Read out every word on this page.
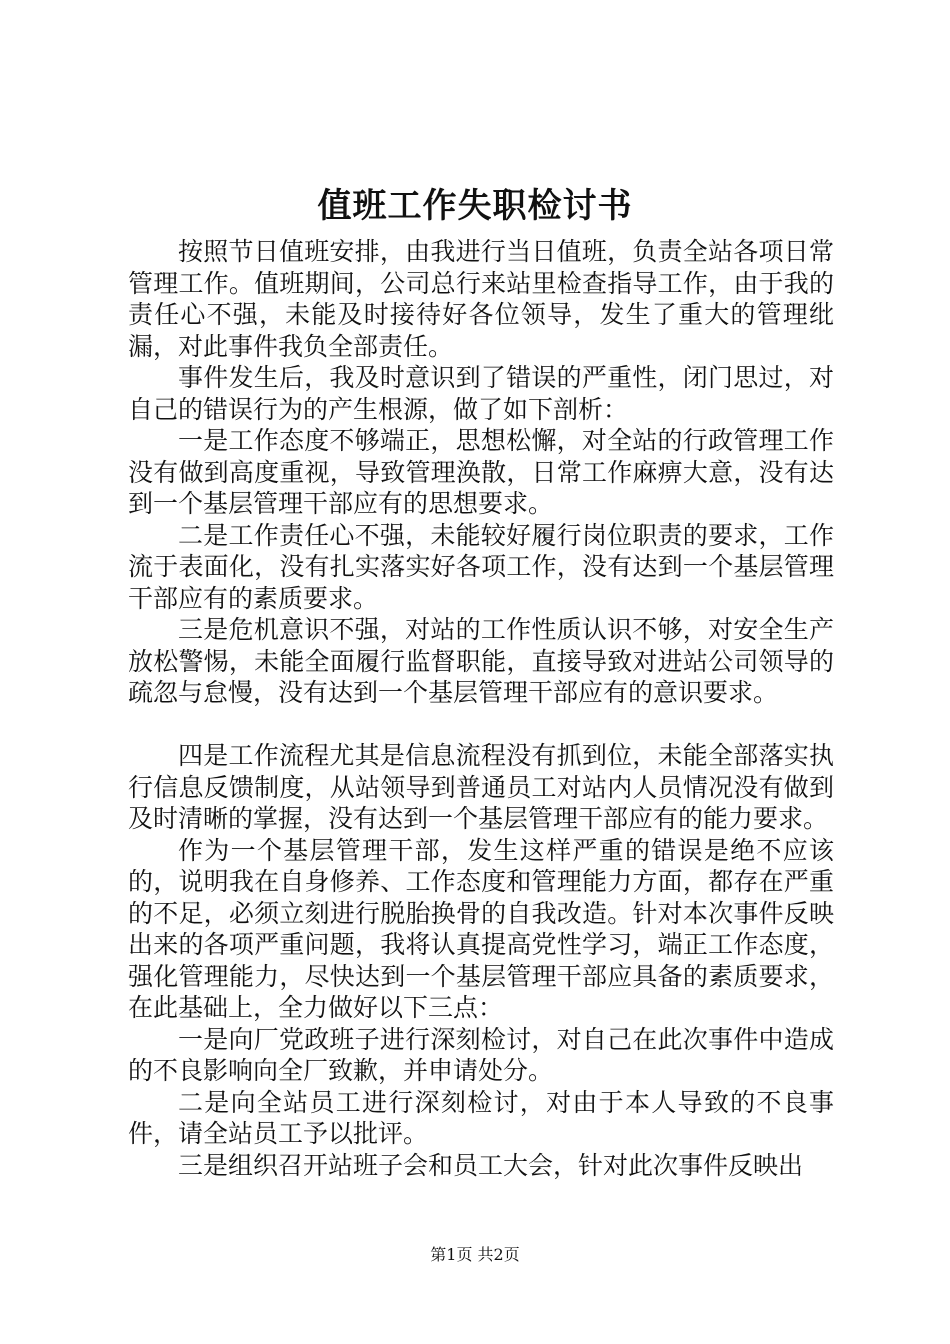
值班工作失职检讨书

按照节日值班安排，由我进行当日值班，负责全站各项日常管理工作。值班期间，公司总行来站里检查指导工作，由于我的责任心不强，未能及时接待好各位领导，发生了重大的管理纰漏，对此事件我负全部责任。

事件发生后，我及时意识到了错误的严重性，闭门思过，对自己的错误行为的产生根源，做了如下剖析：

一是工作态度不够端正，思想松懈，对全站的行政管理工作没有做到高度重视，导致管理涣散，日常工作麻痹大意，没有达到一个基层管理干部应有的思想要求。

二是工作责任心不强，未能较好履行岗位职责的要求，工作流于表面化，没有扎实落实好各项工作，没有达到一个基层管理干部应有的素质要求。

三是危机意识不强，对站的工作性质认识不够，对安全生产放松警惕，未能全面履行监督职能，直接导致对进站公司领导的疏忽与怠慢，没有达到一个基层管理干部应有的意识要求。

四是工作流程尤其是信息流程没有抓到位，未能全部落实执行信息反馈制度，从站领导到普通员工对站内人员情况没有做到及时清晰的掌握，没有达到一个基层管理干部应有的能力要求。

作为一个基层管理干部，发生这样严重的错误是绝不应该的，说明我在自身修养、工作态度和管理能力方面，都存在严重的不足，必须立刻进行脱胎换骨的自我改造。针对本次事件反映出来的各项严重问题，我将认真提高党性学习，端正工作态度，强化管理能力，尽快达到一个基层管理干部应具备的素质要求，在此基础上，全力做好以下三点：

一是向厂党政班子进行深刻检讨，对自己在此次事件中造成的不良影响向全厂致歉，并申请处分。

二是向全站员工进行深刻检讨，对由于本人导致的不良事件，请全站员工予以批评。

三是组织召开站班子会和员工大会，针对此次事件反映出

第1页 共2页
